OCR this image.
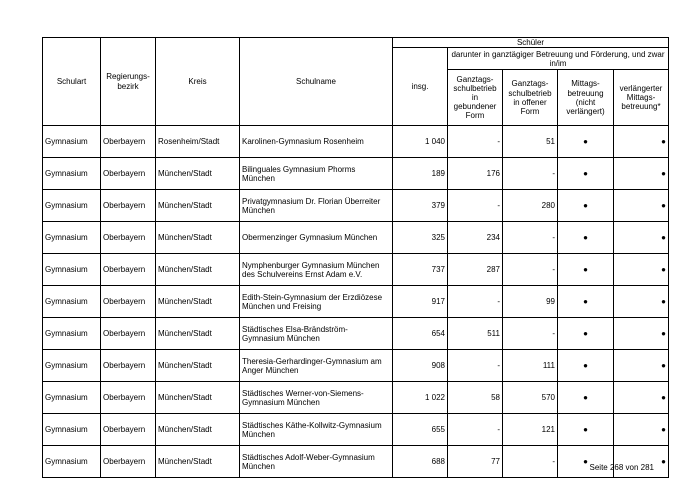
Schulart	Regierungs-bezirk	Kreis	Schulname	Schüler				
				insg.	darunter in ganztägiger Betreuung und Förderung, und zwar in/im			
					Ganztags-schulbetrieb in gebundener Form	Ganztags-schulbetrieb in offener Form	Mittags-betreuung (nicht verlängert)	verlängerter Mittags-betreuung*
Gymnasium	Oberbayern	Rosenheim/Stadt	Karolinen-Gymnasium Rosenheim	1 040	-	51	●	●
Gymnasium	Oberbayern	München/Stadt	Bilinguales Gymnasium Phorms München	189	176	-	●	●
Gymnasium	Oberbayern	München/Stadt	Privatgymnasium Dr. Florian Überreiter München	379	-	280	●	●
Gymnasium	Oberbayern	München/Stadt	Obermenzinger Gymnasium München	325	234	-	●	●
Gymnasium	Oberbayern	München/Stadt	Nymphenburger Gymnasium München des Schulvereins Ernst Adam e.V.	737	287	-	●	●
Gymnasium	Oberbayern	München/Stadt	Edith-Stein-Gymnasium der Erzdiözese München und Freising	917	-	99	●	●
Gymnasium	Oberbayern	München/Stadt	Städtisches Elsa-Brändström-Gymnasium München	654	511	-	●	●
Gymnasium	Oberbayern	München/Stadt	Theresia-Gerhardinger-Gymnasium am Anger München	908	-	111	●	●
Gymnasium	Oberbayern	München/Stadt	Städtisches Werner-von-Siemens-Gymnasium München	1 022	58	570	●	●
Gymnasium	Oberbayern	München/Stadt	Städtisches Käthe-Kollwitz-Gymnasium München	655	-	121	●	●
Gymnasium	Oberbayern	München/Stadt	Städtisches Adolf-Weber-Gymnasium München	688	77	-	●	●
Seite 268 von 281
